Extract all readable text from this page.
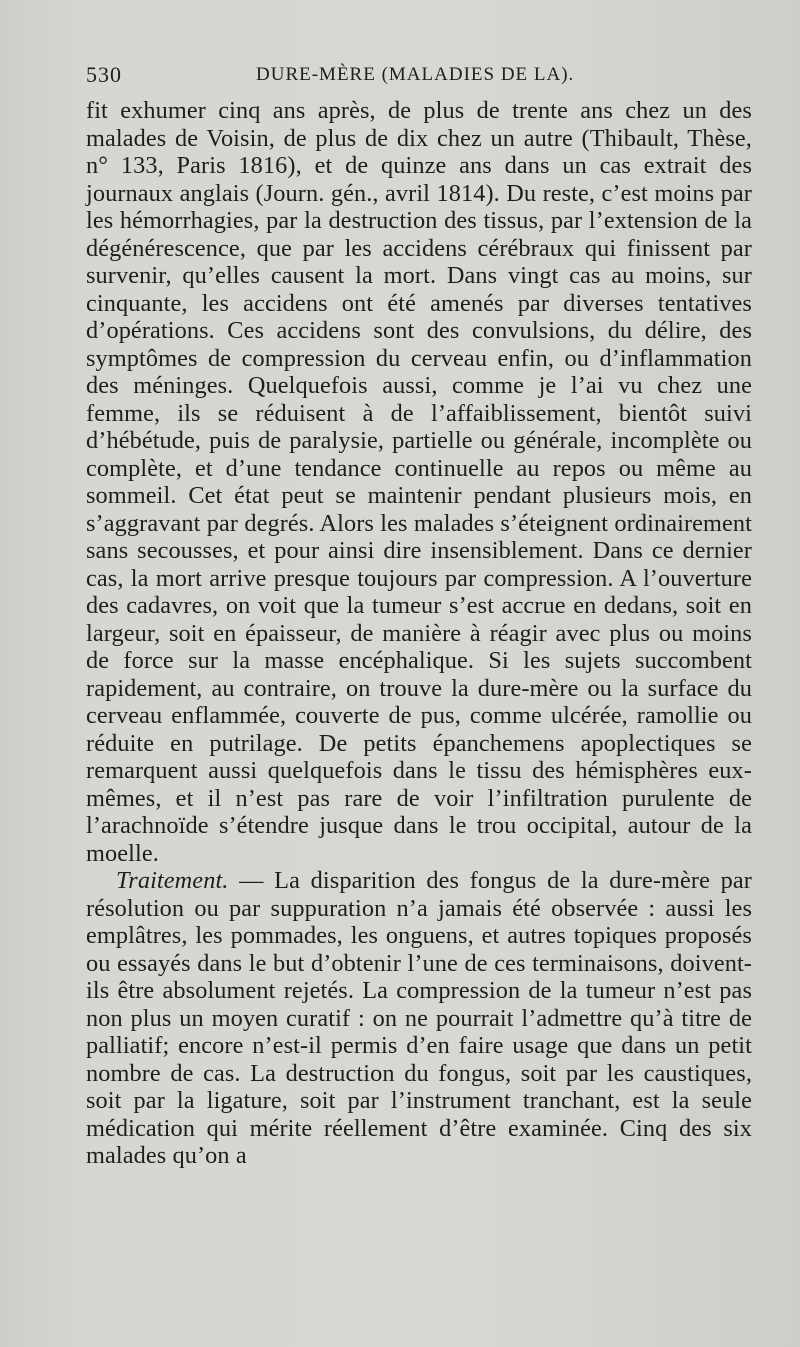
530	DURE-MÈRE (MALADIES DE LA).

fit exhumer cinq ans après, de plus de trente ans chez un des malades de Voisin, de plus de dix chez un autre (Thibault, Thèse, n° 133, Paris 1816), et de quinze ans dans un cas extrait des journaux anglais (Journ. gén., avril 1814). Du reste, c’est moins par les hémorrhagies, par la destruction des tissus, par l’extension de la dégénérescence, que par les accidens cérébraux qui finissent par survenir, qu’elles causent la mort. Dans vingt cas au moins, sur cinquante, les accidens ont été amenés par diverses tentatives d’opérations. Ces accidens sont des convulsions, du délire, des symptômes de compression du cerveau enfin, ou d’inflammation des méninges. Quelquefois aussi, comme je l’ai vu chez une femme, ils se réduisent à de l’affaiblissement, bientôt suivi d’hébétude, puis de paralysie, partielle ou générale, incomplète ou complète, et d’une tendance continuelle au repos ou même au sommeil. Cet état peut se maintenir pendant plusieurs mois, en s’aggravant par degrés. Alors les malades s’éteignent ordinairement sans secousses, et pour ainsi dire insensiblement. Dans ce dernier cas, la mort arrive presque toujours par compression. A l’ouverture des cadavres, on voit que la tumeur s’est accrue en dedans, soit en largeur, soit en épaisseur, de manière à réagir avec plus ou moins de force sur la masse encéphalique. Si les sujets succombent rapidement, au contraire, on trouve la dure-mère ou la surface du cerveau enflammée, couverte de pus, comme ulcérée, ramollie ou réduite en putrilage. De petits épanchemens apoplectiques se remarquent aussi quelquefois dans le tissu des hémisphères eux-mêmes, et il n’est pas rare de voir l’infiltration purulente de l’arachnoïde s’étendre jusque dans le trou occipital, autour de la moelle.

Traitement. — La disparition des fongus de la dure-mère par résolution ou par suppuration n’a jamais été observée : aussi les emplâtres, les pommades, les onguens, et autres topiques proposés ou essayés dans le but d’obtenir l’une de ces terminaisons, doivent-ils être absolument rejetés. La compression de la tumeur n’est pas non plus un moyen curatif : on ne pourrait l’admettre qu’à titre de palliatif; encore n’est-il permis d’en faire usage que dans un petit nombre de cas. La destruction du fongus, soit par les caustiques, soit par la ligature, soit par l’instrument tranchant, est la seule médication qui mérite réellement d’être examinée. Cinq des six malades qu’on a
